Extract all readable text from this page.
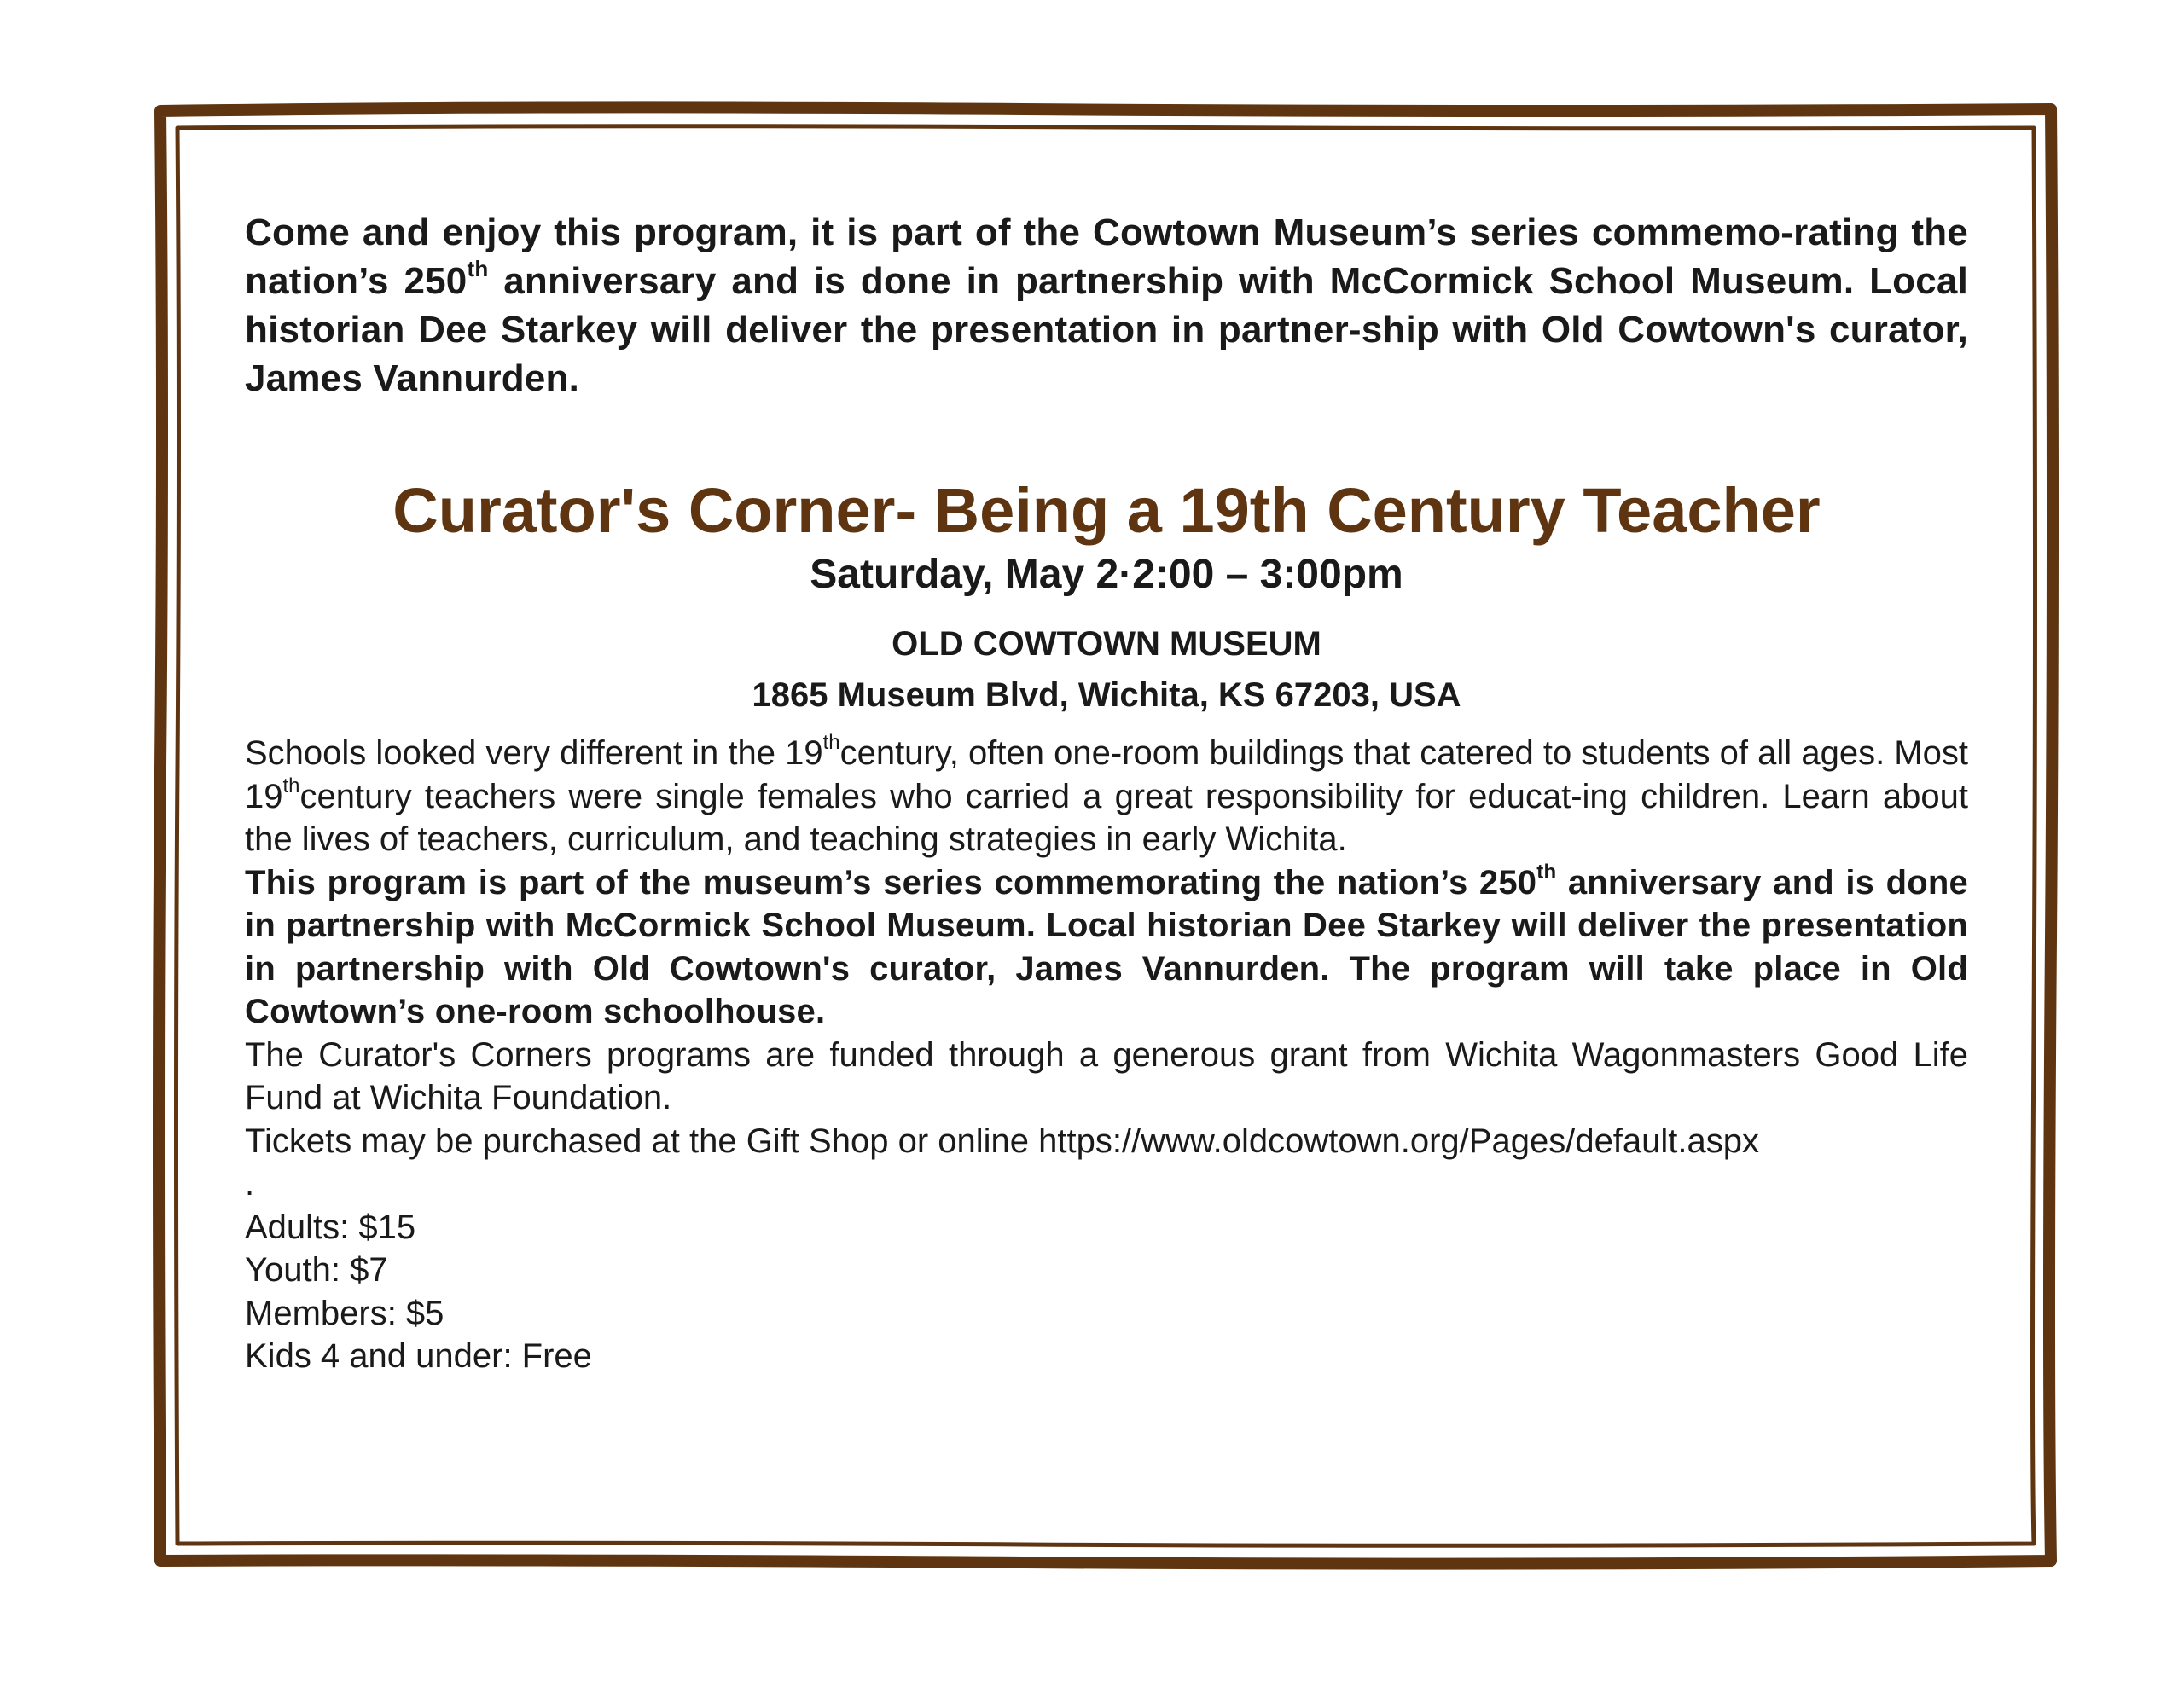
Come and enjoy this program, it is part of the Cowtown Museum’s series commemo-rating the nation’s 250th anniversary and is done in partnership with McCormick School Museum. Local historian Dee Starkey will deliver the presentation in partner-ship with Old Cowtown's curator, James Vannurden.

Curator's Corner- Being a 19th Century Teacher
Saturday, May 2·2:00 – 3:00pm
OLD COWTOWN MUSEUM
1865 Museum Blvd, Wichita, KS 67203, USA

Schools looked very different in the 19thcentury, often one-room buildings that catered to students of all ages. Most 19thcentury teachers were single females who carried a great responsibility for educat-ing children. Learn about the lives of teachers, curriculum, and teaching strategies in early Wichita.

This program is part of the museum’s series commemorating the nation’s 250th anniversary and is done in partnership with McCormick School Museum. Local historian Dee Starkey will deliver the presentation in partnership with Old Cowtown's curator, James Vannurden. The program will take place in Old Cowtown’s one-room schoolhouse.

The Curator's Corners programs are funded through a generous grant from Wichita Wagonmasters Good Life Fund at Wichita Foundation.

Tickets may be purchased at the Gift Shop or online https://www.oldcowtown.org/Pages/default.aspx

.

Adults: $15
Youth: $7
Members: $5
Kids 4 and under: Free
